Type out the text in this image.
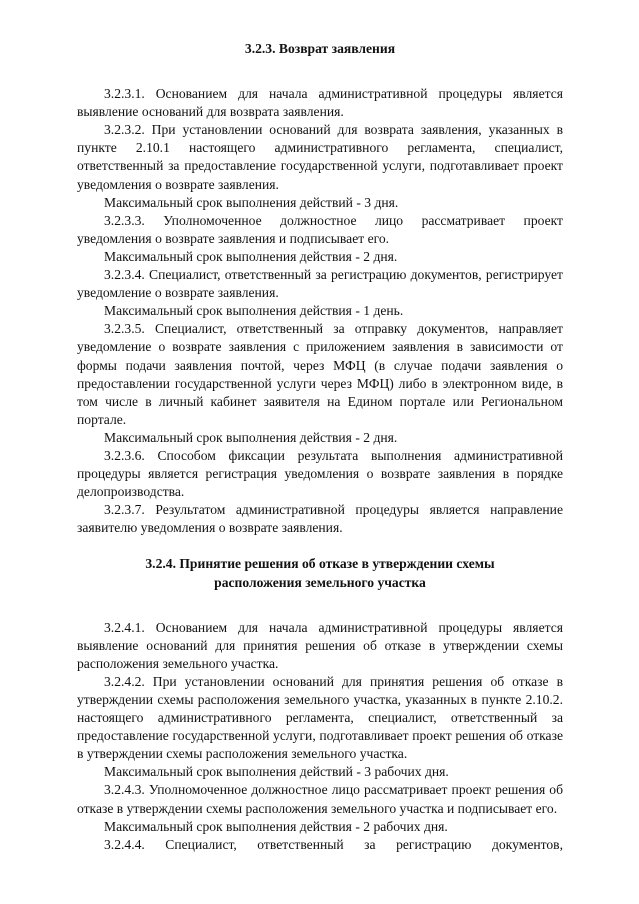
3.2.3. Возврат заявления

3.2.3.1. Основанием для начала административной процедуры является выявление оснований для возврата заявления.

3.2.3.2. При установлении оснований для возврата заявления, указанных в пункте 2.10.1 настоящего административного регламента, специалист, ответственный за предоставление государственной услуги, подготавливает проект уведомления о возврате заявления.

Максимальный срок выполнения действий - 3 дня.

3.2.3.3. Уполномоченное должностное лицо рассматривает проект уведомления о возврате заявления и подписывает его.

Максимальный срок выполнения действия - 2 дня.

3.2.3.4. Специалист, ответственный за регистрацию документов, регистрирует уведомление о возврате заявления.

Максимальный срок выполнения действия - 1 день.

3.2.3.5. Специалист, ответственный за отправку документов, направляет уведомление о возврате заявления с приложением заявления в зависимости от формы подачи заявления почтой, через МФЦ (в случае подачи заявления о предоставлении государственной услуги через МФЦ) либо в электронном виде, в том числе в личный кабинет заявителя на Едином портале или Региональном портале.

Максимальный срок выполнения действия - 2 дня.

3.2.3.6. Способом фиксации результата выполнения административной процедуры является регистрация уведомления о возврате заявления в порядке делопроизводства.

3.2.3.7. Результатом административной процедуры является направление заявителю уведомления о возврате заявления.

3.2.4. Принятие решения об отказе в утверждении схемы
расположения земельного участка

3.2.4.1. Основанием для начала административной процедуры является выявление оснований для принятия решения об отказе в утверждении схемы расположения земельного участка.

3.2.4.2. При установлении оснований для принятия решения об отказе в утверждении схемы расположения земельного участка, указанных в пункте 2.10.2. настоящего административного регламента, специалист, ответственный за предоставление государственной услуги, подготавливает проект решения об отказе в утверждении схемы расположения земельного участка.

Максимальный срок выполнения действий - 3 рабочих дня.

3.2.4.3. Уполномоченное должностное лицо рассматривает проект решения об отказе в утверждении схемы расположения земельного участка и подписывает его.

Максимальный срок выполнения действия - 2 рабочих дня.

3.2.4.4. Специалист, ответственный за регистрацию документов,
